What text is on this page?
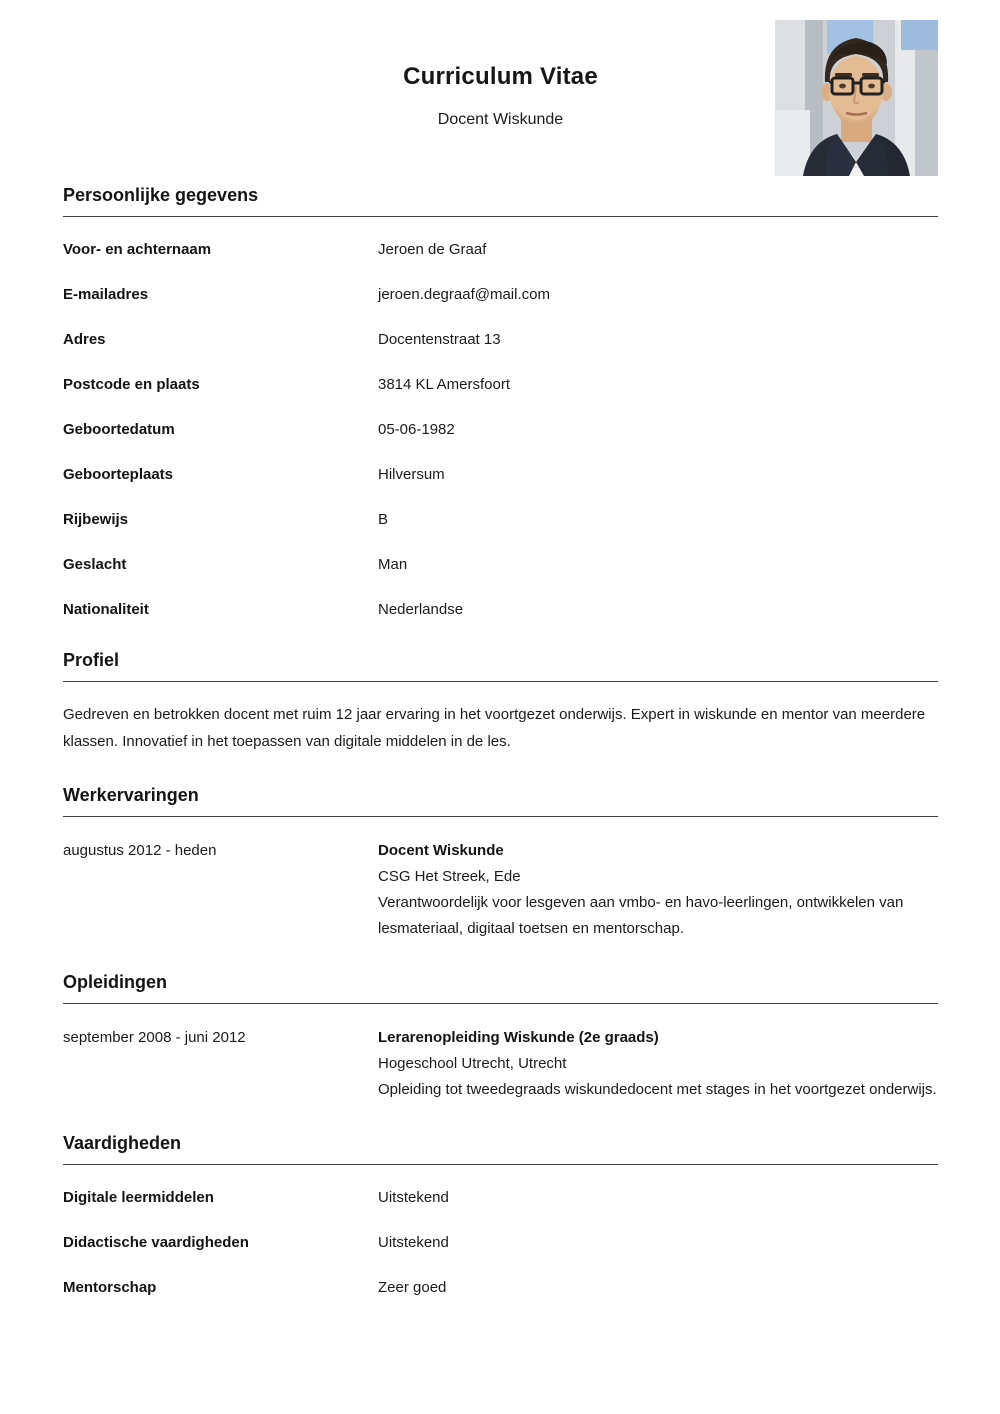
Curriculum Vitae
Docent Wiskunde
Persoonlijke gegevens
Voor- en achternaam	Jeroen de Graaf
E-mailadres	jeroen.degraaf@mail.com
Adres	Docentenstraat 13
Postcode en plaats	3814 KL Amersfoort
Geboortedatum	05-06-1982
Geboorteplaats	Hilversum
Rijbewijs	B
Geslacht	Man
Nationaliteit	Nederlandse
Profiel

Gedreven en betrokken docent met ruim 12 jaar ervaring in het voortgezet onderwijs. Expert in wiskunde en mentor van meerdere klassen. Innovatief in het toepassen van digitale middelen in de les.

Werkervaringen
augustus 2012 - heden	Docent Wiskunde
CSG Het Streek, Ede
Verantwoordelijk voor lesgeven aan vmbo- en havo-leerlingen, ontwikkelen van lesmateriaal, digitaal toetsen en mentorschap.
Opleidingen
september 2008 - juni 2012	Lerarenopleiding Wiskunde (2e graads)
Hogeschool Utrecht, Utrecht
Opleiding tot tweedegraads wiskundedocent met stages in het voortgezet onderwijs.
Vaardigheden
Digitale leermiddelen	Uitstekend
Didactische vaardigheden	Uitstekend
Mentorschap	Zeer goed
